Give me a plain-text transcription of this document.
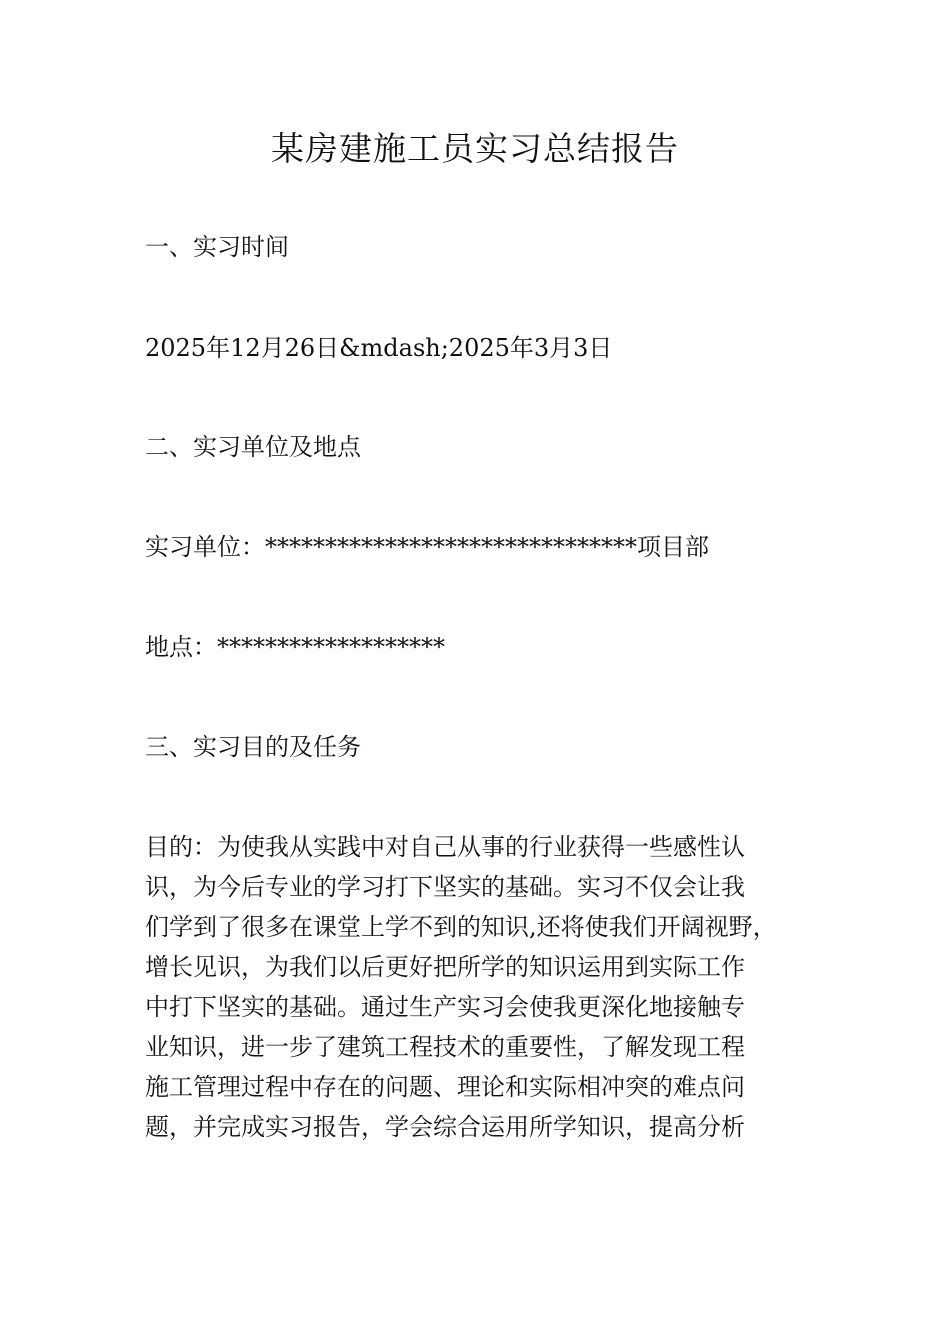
某房建施工员实习总结报告
一、实习时间
2025年12月26日&mdash;2025年3月3日
二、实习单位及地点
实习单位：*******************************项目部
地点：*******************
三、实习目的及任务
目的：为使我从实践中对自己从事的行业获得一些感性认
识，为今后专业的学习打下坚实的基础。实习不仅会让我
们学到了很多在课堂上学不到的知识,还将使我们开阔视野，
增长见识，为我们以后更好把所学的知识运用到实际工作
中打下坚实的基础。通过生产实习会使我更深化地接触专
业知识，进一步了建筑工程技术的重要性，了解发现工程
施工管理过程中存在的问题、理论和实际相冲突的难点问
题，并完成实习报告，学会综合运用所学知识，提高分析
